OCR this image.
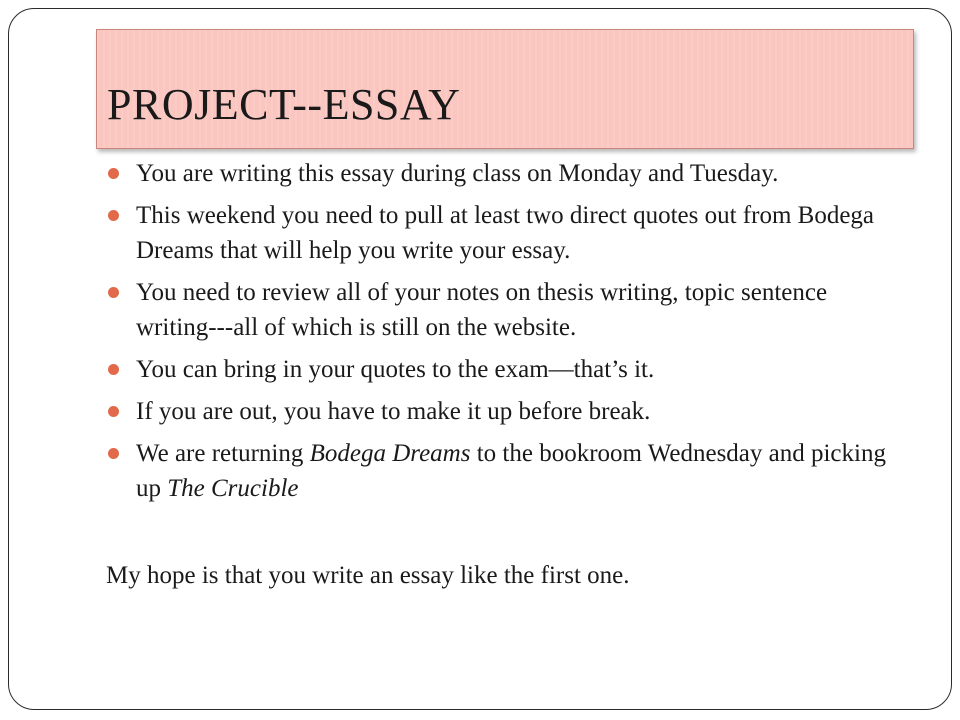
PROJECT--ESSAY
You are writing this essay during class on Monday and Tuesday.
This weekend you need to pull at least two direct quotes out from Bodega Dreams that will help you write your essay.
You need to review all of your notes on thesis writing, topic sentence writing---all of which is still on the website.
You can bring in your quotes to the exam—that’s it.
If you are out, you have to make it up before break.
We are returning Bodega Dreams to the bookroom Wednesday and picking up The Crucible
My hope is that you write an essay like the first one.
